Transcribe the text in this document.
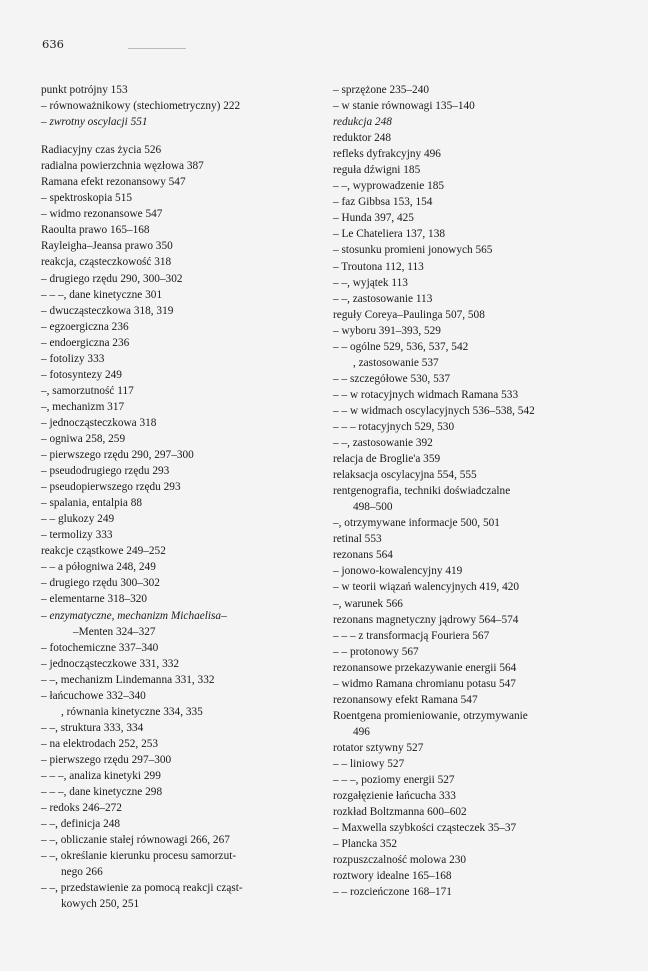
636
punkt potrójny 153
– równoważnikowy (stechiometryczny) 222
– zwrotny oscylacji 551
Radiacyjny czas życia 526
radialna powierzchnia węzłowa 387
Ramana efekt rezonansowy 547
– spektroskopia 515
– widmo rezonansowe 547
Raoulta prawo 165–168
Rayleigha–Jeansa prawo 350
reakcja, cząsteczkowość 318
– drugiego rzędu 290, 300–302
– – –, dane kinetyczne 301
– dwucząsteczkowa 318, 319
– egzoergiczna 236
– endoergiczna 236
– fotolizy 333
– fotosyntezy 249
–, samorzutność 117
–, mechanizm 317
– jednocząsteczkowa 318
– ogniwa 258, 259
– pierwszego rzędu 290, 297–300
– pseudodrugiego rzędu 293
– pseudopierwszego rzędu 293
– spalania, entalpia 88
– – glukozy 249
– termolizy 333
reakcje cząstkowe 249–252
– – a półogniwa 248, 249
– drugiego rzędu 300–302
– elementarne 318–320
– enzymatyczne, mechanizm Michaelisa–
–Menten 324–327
– fotochemiczne 337–340
– jednocząsteczkowe 331, 332
– –, mechanizm Lindemanna 331, 332
– łańcuchowe 332–340
, równania kinetyczne 334, 335
– –, struktura 333, 334
– na elektrodach 252, 253
– pierwszego rzędu 297–300
– – –, analiza kinetyki 299
– – –, dane kinetyczne 298
– redoks 246–272
– –, definicja 248
– –, obliczanie stałej równowagi 266, 267
– –, określanie kierunku procesu samorzut-
nego 266
– –, przedstawienie za pomocą reakcji cząst-
kowych 250, 251
– sprzężone 235–240
– w stanie równowagi 135–140
redukcja 248
reduktor 248
refleks dyfrakcyjny 496
reguła dźwigni 185
– –, wyprowadzenie 185
– faz Gibbsa 153, 154
– Hunda 397, 425
– Le Chateliera 137, 138
– stosunku promieni jonowych 565
– Troutona 112, 113
– –, wyjątek 113
– –, zastosowanie 113
reguły Coreya–Paulinga 507, 508
– wyboru 391–393, 529
– – ogólne 529, 536, 537, 542
, zastosowanie 537
– – szczegółowe 530, 537
– – w rotacyjnych widmach Ramana 533
– – w widmach oscylacyjnych 536–538, 542
– – – rotacyjnych 529, 530
– –, zastosowanie 392
relacja de Broglie'a 359
relaksacja oscylacyjna 554, 555
rentgenografia, techniki doświadczalne
498–500
–, otrzymywane informacje 500, 501
retinal 553
rezonans 564
– jonowo-kowalencyjny 419
– w teorii wiązań walencyjnych 419, 420
–, warunek 566
rezonans magnetyczny jądrowy 564–574
– – – z transformacją Fouriera 567
– – protonowy 567
rezonansowe przekazywanie energii 564
– widmo Ramana chromianu potasu 547
rezonansowy efekt Ramana 547
Roentgena promieniowanie, otrzymywanie
496
rotator sztywny 527
– – liniowy 527
– – –, poziomy energii 527
rozgałęzienie łańcucha 333
rozkład Boltzmanna 600–602
– Maxwella szybkości cząsteczek 35–37
– Plancka 352
rozpuszczalność molowa 230
roztwory idealne 165–168
– – rozcieńczone 168–171
